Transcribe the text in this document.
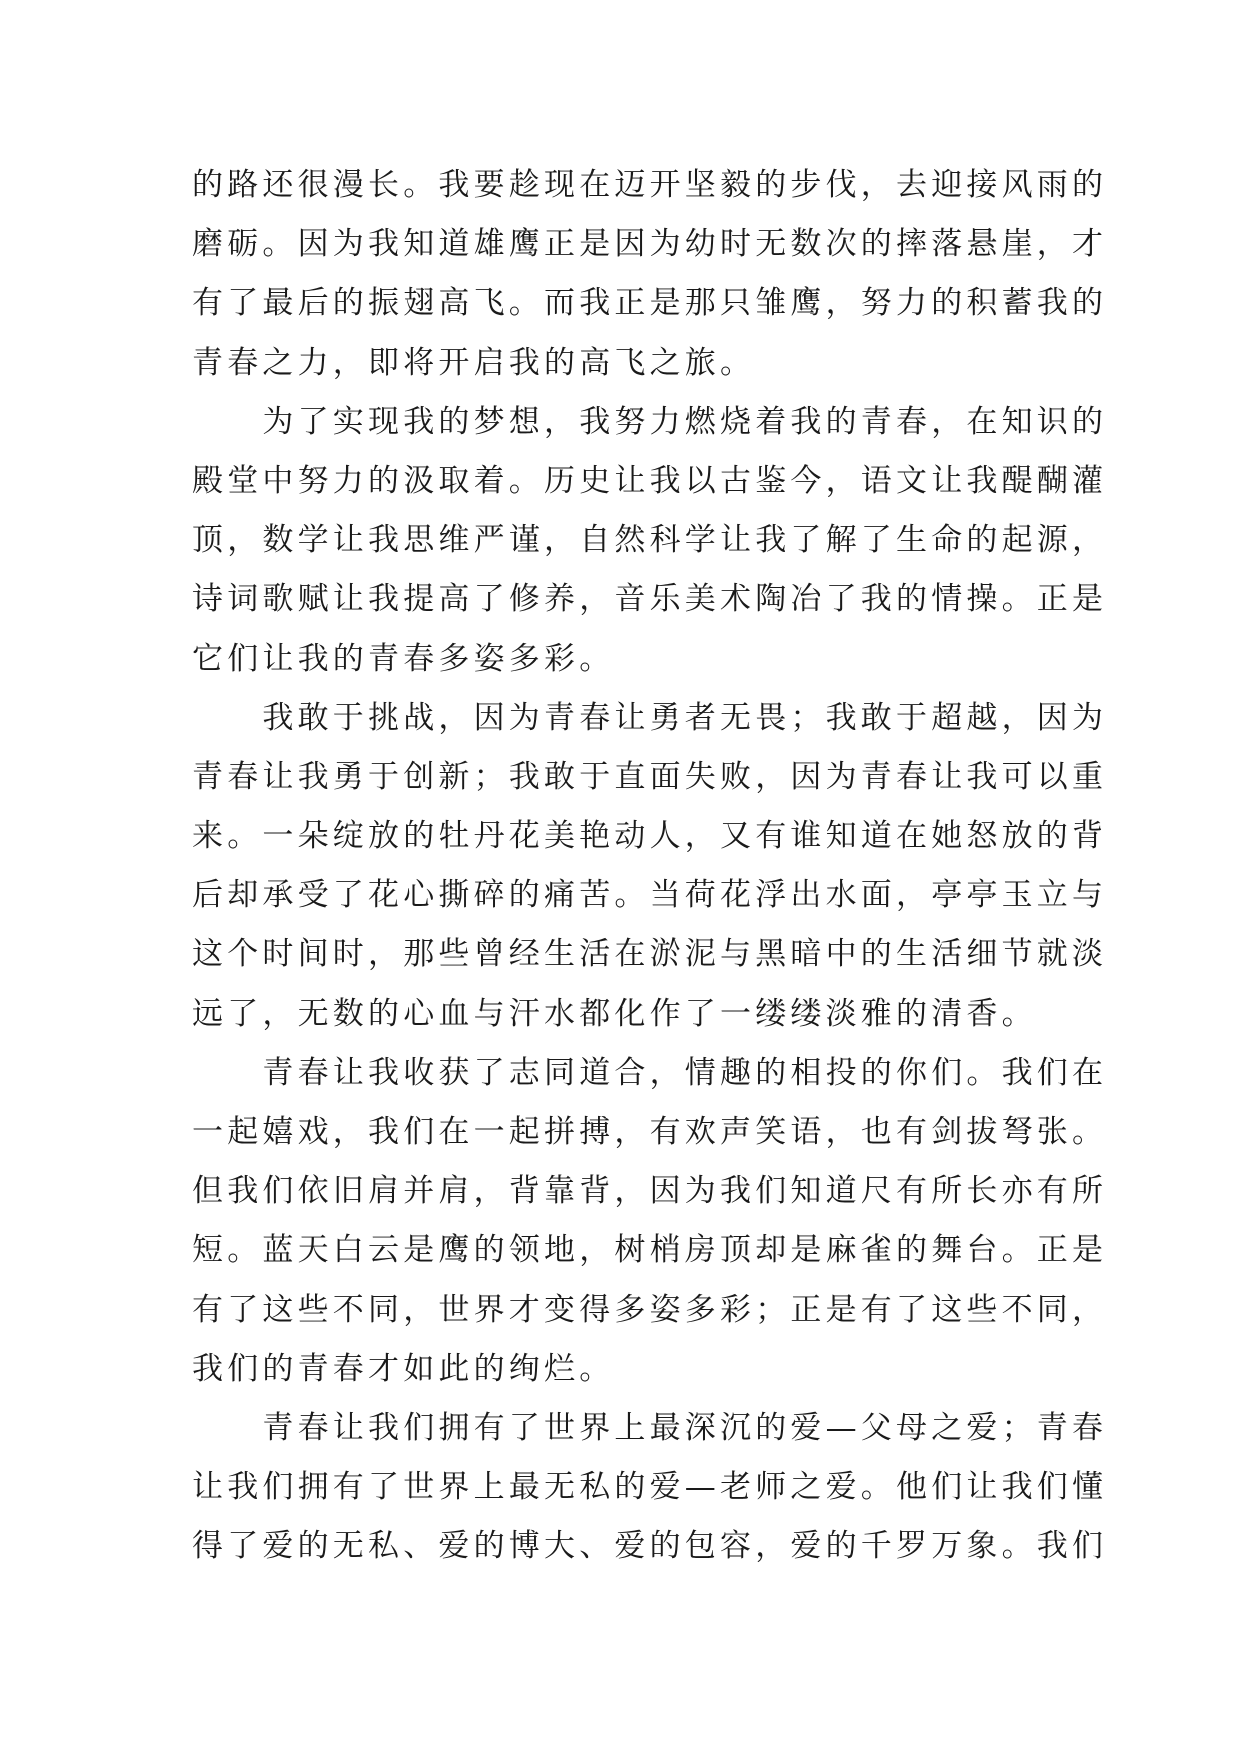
的路还很漫长。我要趁现在迈开坚毅的步伐，去迎接风雨的
磨砺。因为我知道雄鹰正是因为幼时无数次的摔落悬崖，才
有了最后的振翅高飞。而我正是那只雏鹰，努力的积蓄我的
青春之力，即将开启我的高飞之旅。
　　为了实现我的梦想，我努力燃烧着我的青春，在知识的
殿堂中努力的汲取着。历史让我以古鉴今，语文让我醍醐灌
顶，数学让我思维严谨，自然科学让我了解了生命的起源，
诗词歌赋让我提高了修养，音乐美术陶冶了我的情操。正是
它们让我的青春多姿多彩。
　　我敢于挑战，因为青春让勇者无畏；我敢于超越，因为
青春让我勇于创新；我敢于直面失败，因为青春让我可以重
来。一朵绽放的牡丹花美艳动人，又有谁知道在她怒放的背
后却承受了花心撕碎的痛苦。当荷花浮出水面，亭亭玉立与
这个时间时，那些曾经生活在淤泥与黑暗中的生活细节就淡
远了，无数的心血与汗水都化作了一缕缕淡雅的清香。
　　青春让我收获了志同道合，情趣的相投的你们。我们在
一起嬉戏，我们在一起拼搏，有欢声笑语，也有剑拔弩张。
但我们依旧肩并肩，背靠背，因为我们知道尺有所长亦有所
短。蓝天白云是鹰的领地，树梢房顶却是麻雀的舞台。正是
有了这些不同，世界才变得多姿多彩；正是有了这些不同，
我们的青春才如此的绚烂。
　　青春让我们拥有了世界上最深沉的爱—父母之爱；青春
让我们拥有了世界上最无私的爱—老师之爱。他们让我们懂
得了爱的无私、爱的博大、爱的包容，爱的千罗万象。我们
